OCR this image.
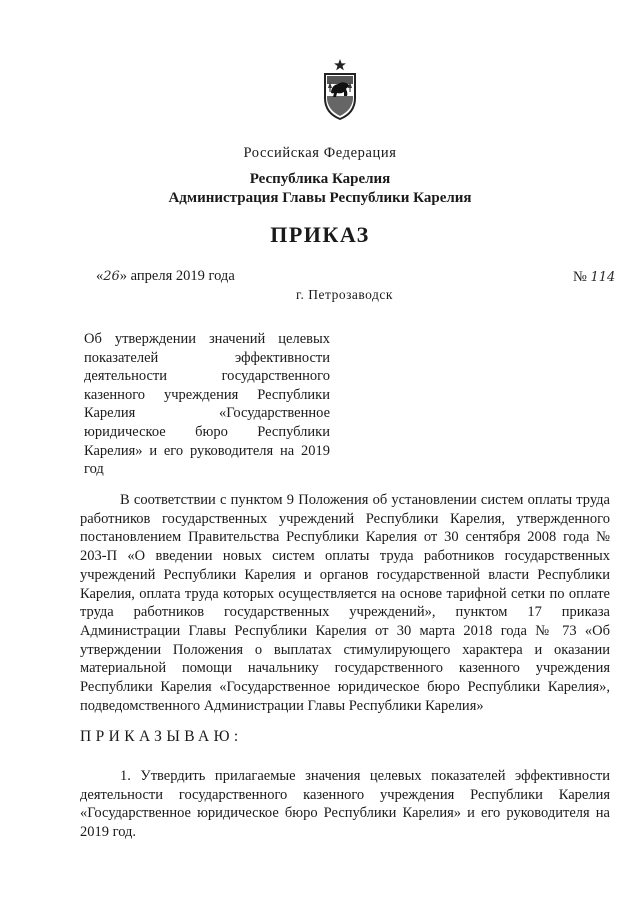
Российская Федерация
Республика Карелия
Администрация Главы Республики Карелия
ПРИКАЗ
«26» апреля 2019 года	№ 114
г. Петрозаводск
Об утверждении значений целевых показателей эффективности деятельности государственного казенного учреждения Республики Карелия «Государственное юридическое бюро Республики Карелия» и его руководителя на 2019 год
В соответствии с пунктом 9 Положения об установлении систем оплаты труда работников государственных учреждений Республики Карелия, утвержденного постановлением Правительства Республики Карелия от 30 сентября 2008 года № 203-П «О введении новых систем оплаты труда работников государственных учреждений Республики Карелия и органов государственной власти Республики Карелия, оплата труда которых осуществляется на основе тарифной сетки по оплате труда работников государственных учреждений», пунктом 17 приказа Администрации Главы Республики Карелия от 30 марта 2018 года № 73 «Об утверждении Положения о выплатах стимулирующего характера и оказании материальной помощи начальнику государственного казенного учреждения Республики Карелия «Государственное юридическое бюро Республики Карелия», подведомственного Администрации Главы Республики Карелия»
ПРИКАЗЫВАЮ:
1. Утвердить прилагаемые значения целевых показателей эффективности деятельности государственного казенного учреждения Республики Карелия «Государственное юридическое бюро Республики Карелия» и его руководителя на 2019 год.
